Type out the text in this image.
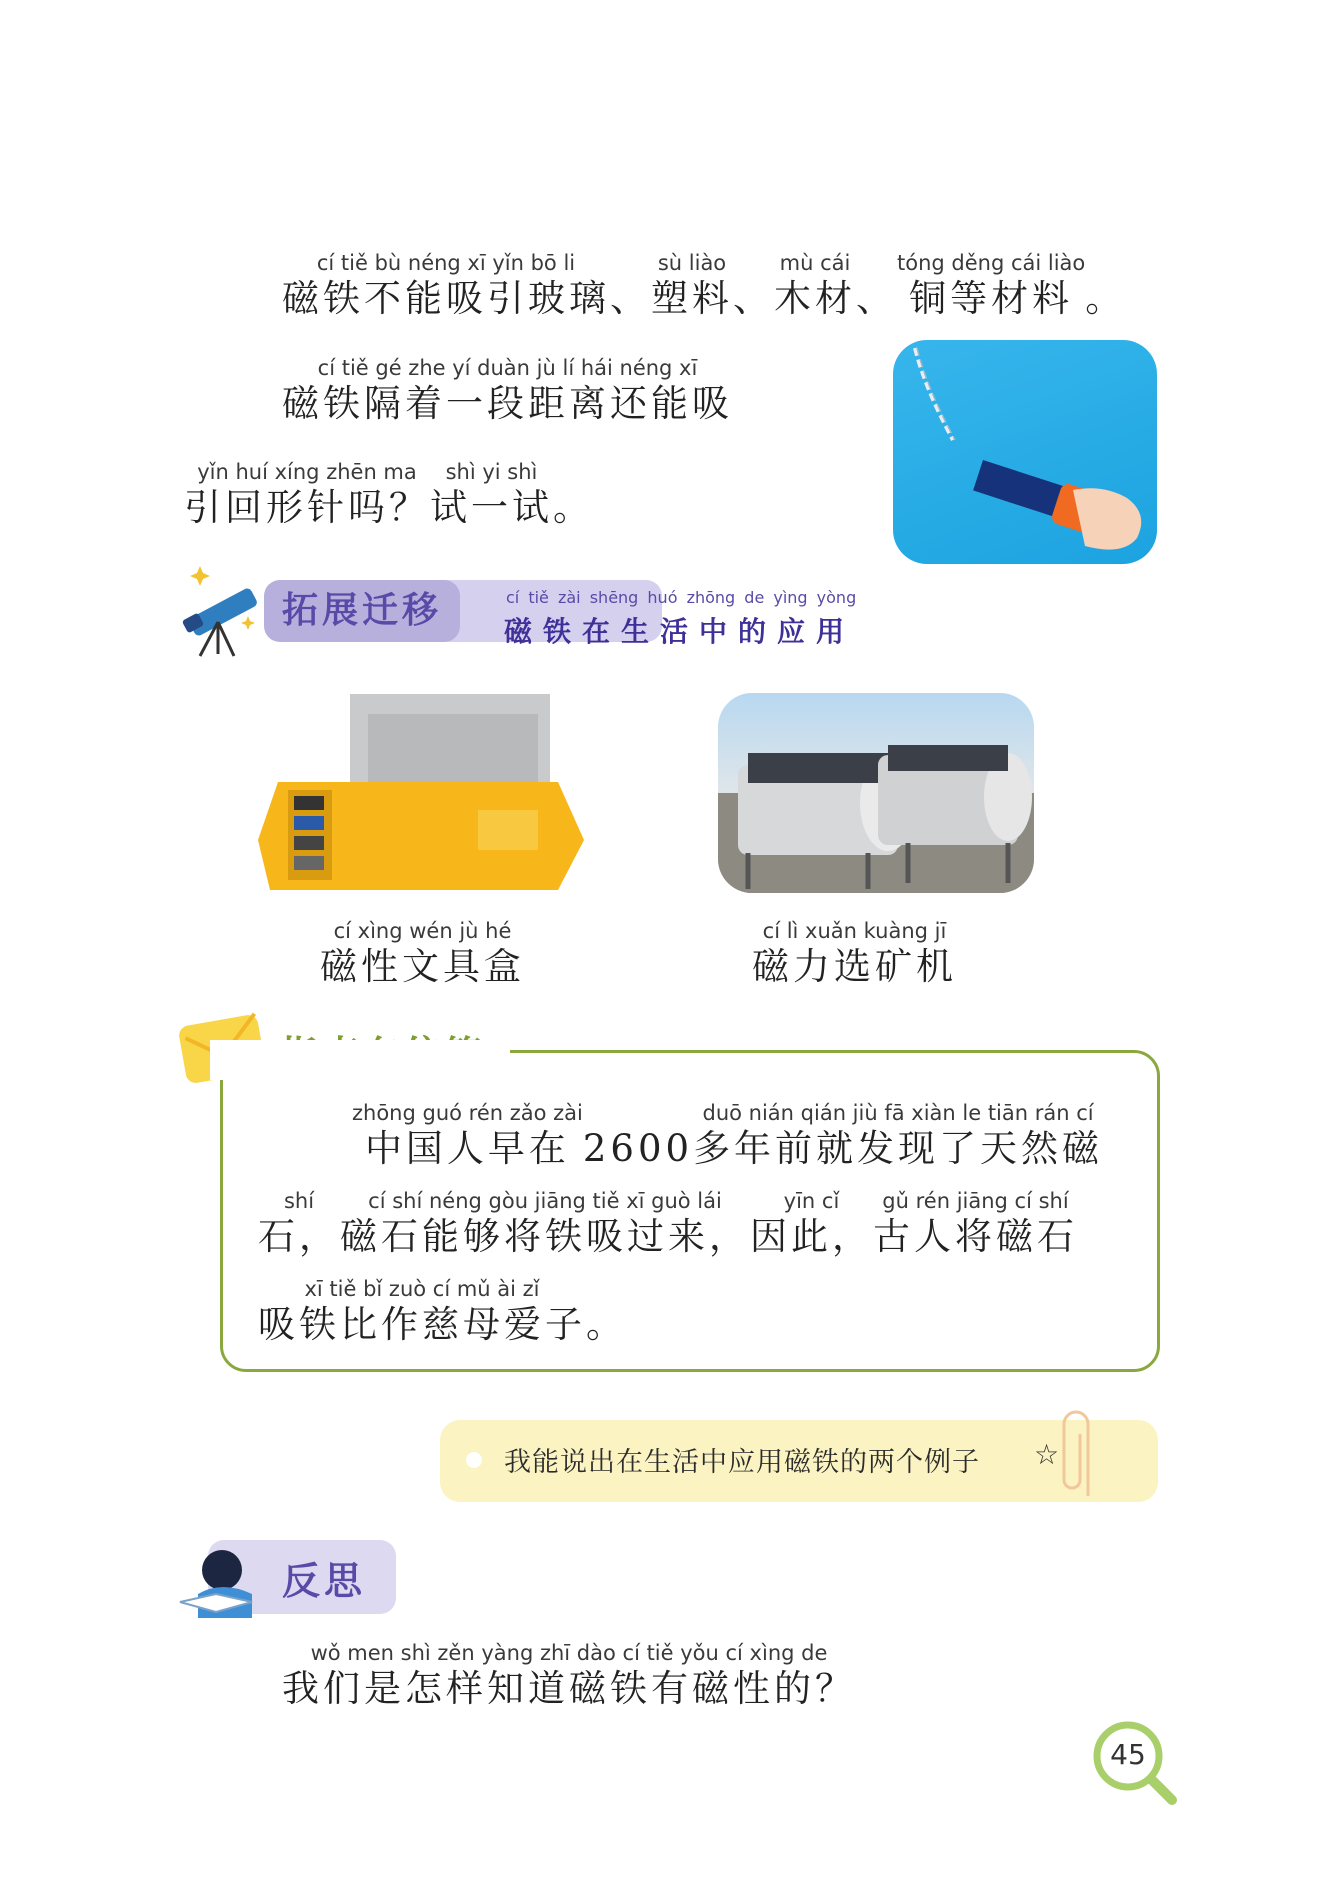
cí tiě bù néng xī yǐn bō li
磁铁不能吸引玻璃 、
sù liào
塑料 、
mù cái
木材 、
tóng děng cái liào
铜等材料 。
cí tiě gé zhe yí duàn jù lí hái néng xī
磁铁隔着一段距离还能吸
yǐn huí xíng zhēn ma
引回形针吗？
shì yi shì
试一试 。
拓展迁移	cí tiě zài shēng huó zhōng de yìng yòng
磁铁在生活中的应用
cí xìng wén jù hé
磁性文具盒
cí lì xuǎn kuàng jī
磁力选矿机
zhōng guó rén zǎo zài
中国人早在 2600
duō nián qián jiù fā xiàn le tiān rán cí
多年前就发现了天然磁
shí
石，
cí shí néng gòu jiāng tiě xī guò lái
磁石能够将铁吸过来，
yīn cǐ
因此，
gǔ rén jiāng cí shí
古人将磁石
xī tiě bǐ zuò cí mǔ ài zǐ
吸铁比作慈母爱子 。
我能说出在生活中应用磁铁的两个例子 ☆
反思
wǒ men shì zěn yàng zhī dào cí tiě yǒu cí xìng de
我们是怎样知道磁铁有磁性的？
45
